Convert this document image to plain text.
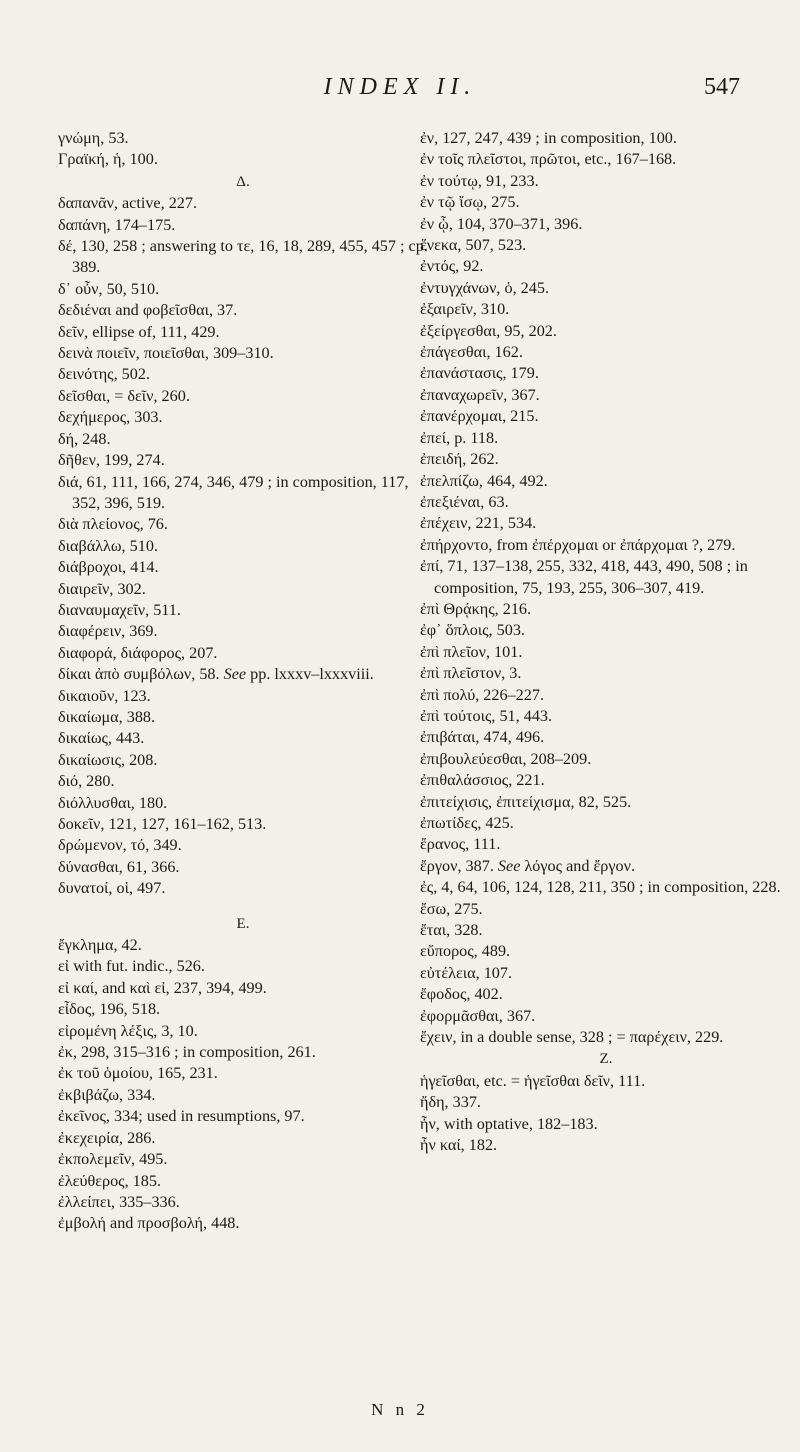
INDEX II.	547

γνώμη, 53.

Γραϊκή, ἡ, 100.

Δ.

δαπανᾶν, active, 227.

δαπάνη, 174–175.

δέ, 130, 258 ; answering to τε, 16, 18, 289, 455, 457 ; cp. 389.

δ᾽ οὖν, 50, 510.

δεδιέναι and φοβεῖσθαι, 37.

δεῖν, ellipse of, 111, 429.

δεινὰ ποιεῖν, ποιεῖσθαι, 309–310.

δεινότης, 502.

δεῖσθαι, = δεῖν, 260.

δεχήμερος, 303.

δή, 248.

δῆθεν, 199, 274.

διά, 61, 111, 166, 274, 346, 479 ; in composition, 117, 352, 396, 519.

διὰ πλείονος, 76.

διαβάλλω, 510.

διάβροχοι, 414.

διαιρεῖν, 302.

διαναυμαχεῖν, 511.

διαφέρειν, 369.

διαφορά, διάφορος, 207.

δίκαι ἀπὸ συμβόλων, 58. See pp. lxxxv–lxxxviii.

δικαιοῦν, 123.

δικαίωμα, 388.

δικαίως, 443.

δικαίωσις, 208.

διό, 280.

διόλλυσθαι, 180.

δοκεῖν, 121, 127, 161–162, 513.

δρώμενον, τό, 349.

δύνασθαι, 61, 366.

δυνατοί, οἱ, 497.

Ε.

ἔγκλημα, 42.

εἰ with fut. indic., 526.

εἰ καί, and καὶ εἰ, 237, 394, 499.

εἶδος, 196, 518.

εἰρομένη λέξις, 3, 10.

ἐκ, 298, 315–316 ; in composition, 261.

ἐκ τοῦ ὁμοίου, 165, 231.

ἐκβιβάζω, 334.

ἐκεῖνος, 334; used in resumptions, 97.

ἐκεχειρία, 286.

ἐκπολεμεῖν, 495.

ἐλεύθερος, 185.

ἐλλείπει, 335–336.

ἐμβολή and προσβολή, 448.

ἐν, 127, 247, 439 ; in composition, 100.

ἐν τοῖς πλεῖστοι, πρῶτοι, etc., 167–168.

ἐν τούτῳ, 91, 233.

ἐν τῷ ἴσῳ, 275.

ἐν ᾧ, 104, 370–371, 396.

ἕνεκα, 507, 523.

ἐντός, 92.

ἐντυγχάνων, ὁ, 245.

ἐξαιρεῖν, 310.

ἐξείργεσθαι, 95, 202.

ἐπάγεσθαι, 162.

ἐπανάστασις, 179.

ἐπαναχωρεῖν, 367.

ἐπανέρχομαι, 215.

ἐπεί, p. 118.

ἐπειδή, 262.

ἐπελπίζω, 464, 492.

ἐπεξιέναι, 63.

ἐπέχειν, 221, 534.

ἐπήρχοντο, from ἐπέρχομαι or ἐπάρχομαι ?, 279.

ἐπί, 71, 137–138, 255, 332, 418, 443, 490, 508 ; in composition, 75, 193, 255, 306–307, 419.

ἐπὶ Θρᾴκης, 216.

ἐφ᾽ ὅπλοις, 503.

ἐπὶ πλεῖον, 101.

ἐπὶ πλεῖστον, 3.

ἐπὶ πολύ, 226–227.

ἐπὶ τούτοις, 51, 443.

ἐπιβάται, 474, 496.

ἐπιβουλεύεσθαι, 208–209.

ἐπιθαλάσσιος, 221.

ἐπιτείχισις, ἐπιτείχισμα, 82, 525.

ἐπωτίδες, 425.

ἔρανος, 111.

ἔργον, 387. See λόγος and ἔργον.

ἐς, 4, 64, 106, 124, 128, 211, 350 ; in composition, 228.

ἔσω, 275.

ἔται, 328.

εὔπορος, 489.

εὐτέλεια, 107.

ἔφοδος, 402.

ἐφορμᾶσθαι, 367.

ἔχειν, in a double sense, 328 ; = παρέχειν, 229.

Ζ.

ἡγεῖσθαι, etc. = ἡγεῖσθαι δεῖν, 111.

ἤδη, 337.

ἦν, with optative, 182–183.

ἦν καί, 182.

N n 2
